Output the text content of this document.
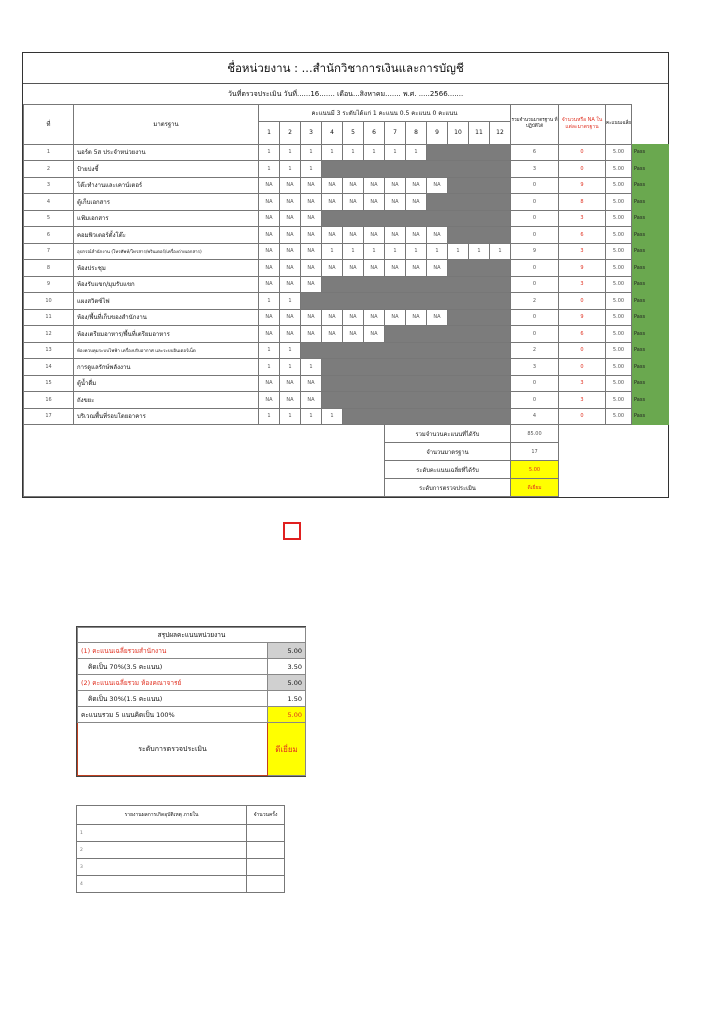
ชื่อหน่วยงาน : ...สำนักวิชาการเงินและการบัญชี
วันที่ตรวจประเมิน วันที่......16....... เดือน...สิงหาคม....... พ.ศ. .....2566.......
ที่	มาตรฐาน	คะแนนมี 3 ระดับได้แก่ 1 คะแนน 0.5 คะแนน 0 คะแนน												รวมจำนวนมาตรฐาน ที่ปฏิบัติได้	จำนวนหรือ NA ในแต่ละมาตรฐาน	คะแนนเฉลี่ย	
		1	2	3	4	5	6	7	8	9	10	11	12				
1	นอร์ต 5ส ประจำหน่วยงาน	1	1	1	1	1	1	1	1					6	0	5.00	Pass
2	ป้ายบ่งชี้	1	1	1										3	0	5.00	Pass
3	โต๊ะทำงานและเคาน์เตอร์	NA	NA	NA	NA	NA	NA	NA	NA	NA				0	9	5.00	Pass
4	ตู้เก็บเอกสาร	NA	NA	NA	NA	NA	NA	NA	NA					0	8	5.00	Pass
5	แฟ้มเอกสาร	NA	NA	NA										0	3	5.00	Pass
6	คอมพิวเตอร์ตั้งโต๊ะ	NA	NA	NA	NA	NA	NA	NA	NA	NA				0	6	5.00	Pass
7	อุปกรณ์สำนักงาน (โทรศัพท์/โทรสาร/พรินเตอร์/เครื่องถ่ายเอกสาร)	NA	NA	NA	1	1	1	1	1	1	1	1	1	9	3	5.00	Pass
8	ห้องประชุม	NA	NA	NA	NA	NA	NA	NA	NA	NA				0	9	5.00	Pass
9	ห้องรับแขก/มุมรับแขก	NA	NA	NA										0	3	5.00	Pass
10	แผงสวิตซ์ไฟ	1	1											2	0	5.00	Pass
11	ห้อง/พื้นที่เก็บของสำนักงาน	NA	NA	NA	NA	NA	NA	NA	NA	NA				0	9	5.00	Pass
12	ห้องเตรียมอาหาร/พื้นที่เตรียมอาหาร	NA	NA	NA	NA	NA	NA							0	6	5.00	Pass
13	ห้องควบคุมระบบไฟฟ้า เครื่องปรับอากาศ และระบบอินเตอร์เน็ต	1	1											2	0	5.00	Pass
14	การดูแลรักษ์พลังงาน	1	1	1										3	0	5.00	Pass
15	ตู้น้ำดื่ม	NA	NA	NA										0	3	5.00	Pass
16	ถังขยะ	NA	NA	NA										0	3	5.00	Pass
17	บริเวณพื้นที่รอบโดยอาคาร	1	1	1	1									4	0	5.00	Pass
								รวมจำนวนคะแนนที่ได้รับ						85.00			
								จำนวนมาตรฐาน						17			
								ระดับคะแนนเฉลี่ยที่ได้รับ						5.00			
								ระดับการตรวจประเมิน						ดีเยี่ยม			
สรุปผลคะแนนหน่วยงาน	
(1) คะแนนเฉลี่ยรวมสำนักงาน	5.00
คิดเป็น 70%(3.5 คะแนน)	3.50
(2) คะแนนเฉลี่ยรวม ห้องคณาจารย์	5.00
คิดเป็น 30%(1.5 คะแนน)	1.50
คะแนนรวม 5 แนนคิดเป็น 100%	5.00
ระดับการตรวจประเมิน	ดีเยี่ยม
รายงานผลการเกิดอุบัติเหตุ ภายใน	จำนวนครั้ง
1	
2	
3	
4	
